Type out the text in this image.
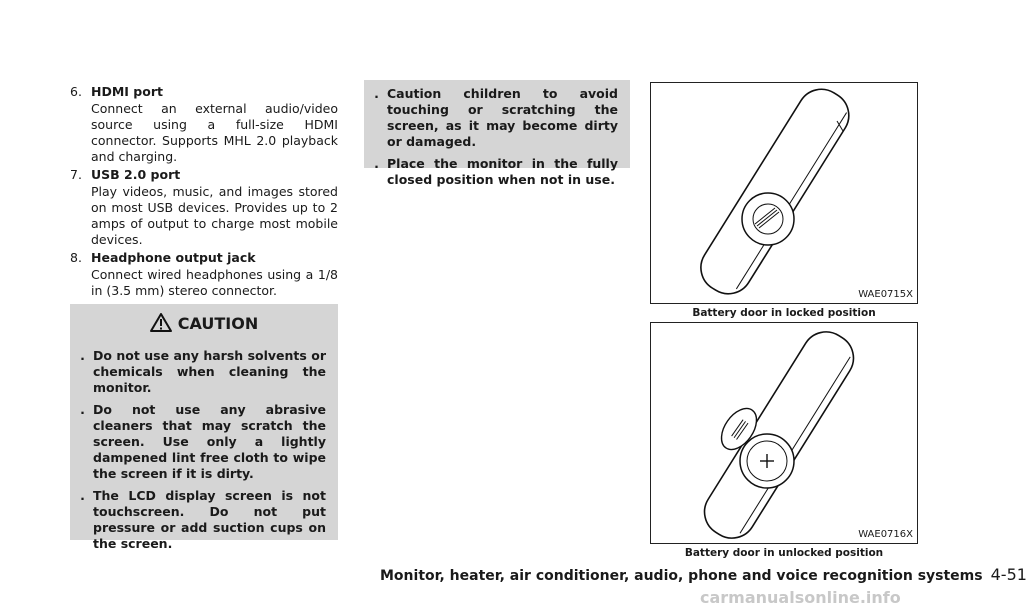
6. HDMI port
Connect an external audio/video source using a full-size HDMI connector. Supports MHL 2.0 playback and charging.
7. USB 2.0 port
Play videos, music, and images stored on most USB devices. Provides up to 2 amps of output to charge most mobile devices.
8. Headphone output jack
Connect wired headphones using a 1/8 in (3.5 mm) stereo connector.
CAUTION
. Do not use any harsh solvents or chemicals when cleaning the monitor.
. Do not use any abrasive cleaners that may scratch the screen. Use only a lightly dampened lint free cloth to wipe the screen if it is dirty.
. The LCD display screen is not touchscreen. Do not put pressure or add suction cups on the screen.
. Caution children to avoid touching or scratching the screen, as it may become dirty or damaged.
. Place the monitor in the fully closed position when not in use.
WAE0715X
Battery door in locked position
WAE0716X
Battery door in unlocked position
Monitor, heater, air conditioner, audio, phone and voice recognition systems 4-51
carmanualsonline.info
